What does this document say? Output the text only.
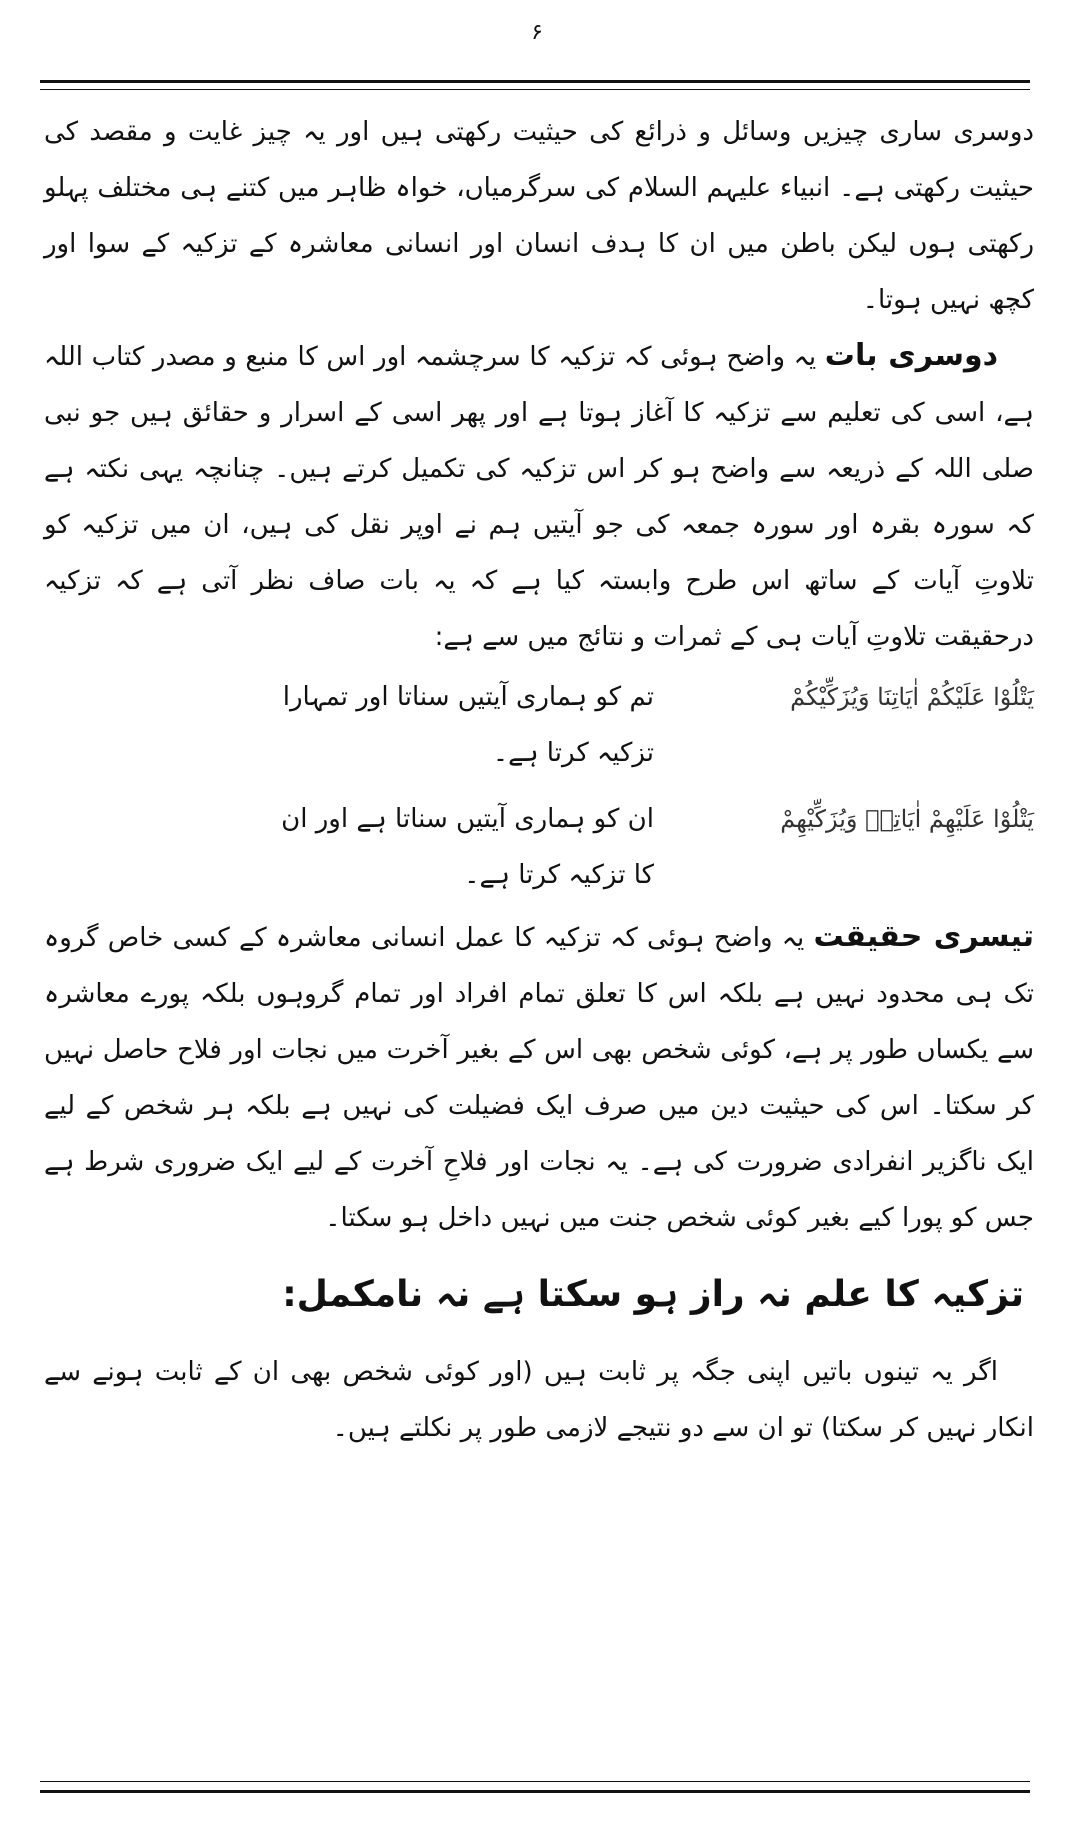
۶

دوسری ساری چیزیں وسائل و ذرائع کی حیثیت رکھتی ہیں اور یہ چیز غایت و مقصد کی حیثیت رکھتی ہے۔ انبیاء علیہم السلام کی سرگرمیاں، خواہ ظاہر میں کتنے ہی مختلف پہلو رکھتی ہوں لیکن باطن میں ان کا ہدف انسان اور انسانی معاشرہ کے تزکیہ کے سوا اور کچھ نہیں ہوتا۔

دوسری بات یہ واضح ہوئی کہ تزکیہ کا سرچشمہ اور اس کا منبع و مصدر کتاب اللہ ہے، اسی کی تعلیم سے تزکیہ کا آغاز ہوتا ہے اور پھر اسی کے اسرار و حقائق ہیں جو نبی صلی اللہ کے ذریعہ سے واضح ہو کر اس تزکیہ کی تکمیل کرتے ہیں۔ چنانچہ یہی نکتہ ہے کہ سورہ بقرہ اور سورہ جمعہ کی جو آیتیں ہم نے اوپر نقل کی ہیں، ان میں تزکیہ کو تلاوتِ آیات کے ساتھ اس طرح وابستہ کیا ہے کہ یہ بات صاف نظر آتی ہے کہ تزکیہ درحقیقت تلاوتِ آیات ہی کے ثمرات و نتائج میں سے ہے:

يَتْلُوْا عَلَيْكُمْ اٰيَاتِنَا وَيُزَكِّيْكُمْ
تم کو ہماری آیتیں سناتا اور تمہارا تزکیہ کرتا ہے۔
يَتْلُوْا عَلَيْهِمْ اٰيَاتِهٖ وَيُزَكِّيْهِمْ
ان کو ہماری آیتیں سناتا ہے اور ان کا تزکیہ کرتا ہے۔

تیسری حقیقت یہ واضح ہوئی کہ تزکیہ کا عمل انسانی معاشرہ کے کسی خاص گروہ تک ہی محدود نہیں ہے بلکہ اس کا تعلق تمام افراد اور تمام گروہوں بلکہ پورے معاشرہ سے یکساں طور پر ہے، کوئی شخص بھی اس کے بغیر آخرت میں نجات اور فلاح حاصل نہیں کر سکتا۔ اس کی حیثیت دین میں صرف ایک فضیلت کی نہیں ہے بلکہ ہر شخص کے لیے ایک ناگزیر انفرادی ضرورت کی ہے۔ یہ نجات اور فلاحِ آخرت کے لیے ایک ضروری شرط ہے جس کو پورا کیے بغیر کوئی شخص جنت میں نہیں داخل ہو سکتا۔

تزکیہ کا علم نہ راز ہو سکتا ہے نہ نامکمل:

اگر یہ تینوں باتیں اپنی جگہ پر ثابت ہیں (اور کوئی شخص بھی ان کے ثابت ہونے سے انکار نہیں کر سکتا) تو ان سے دو نتیجے لازمی طور پر نکلتے ہیں۔
